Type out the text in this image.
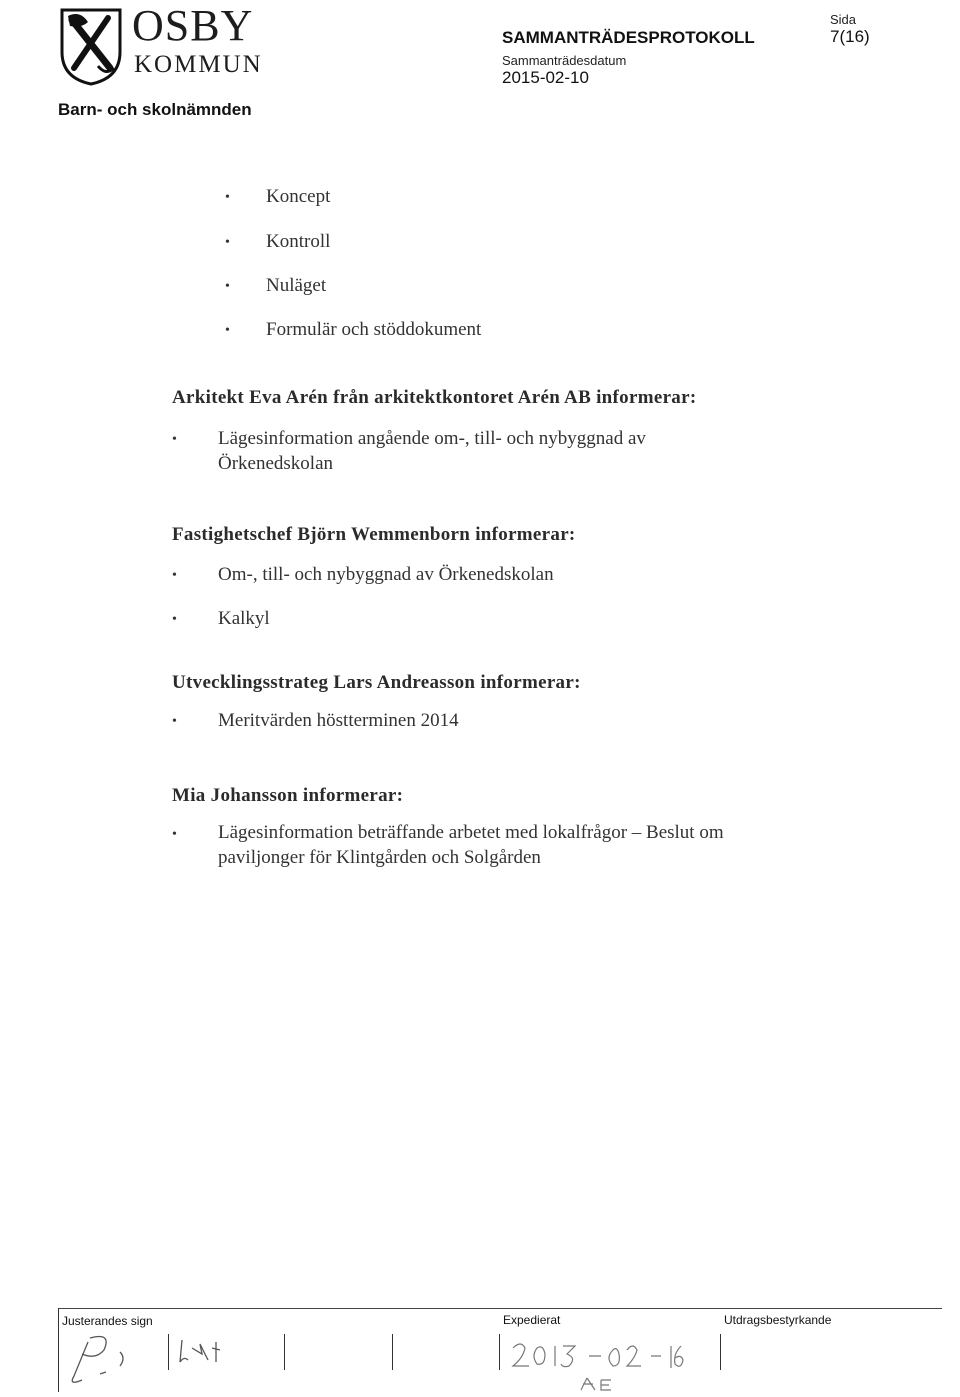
OSBY
KOMMUN
Barn- och skolnämnden
SAMMANTRÄDESPROTOKOLL
Sammanträdesdatum
2015-02-10
Sida
7(16)
• Koncept
• Kontroll
• Nuläget
• Formulär och stöddokument
Arkitekt Eva Arén från arkitektkontoret Arén AB informerar:
• Lägesinformation angående om-, till- och nybyggnad av
Örkenedskolan
Fastighetschef Björn Wemmenborn informerar:
• Om-, till- och nybyggnad av Örkenedskolan
• Kalkyl
Utvecklingsstrateg Lars Andreasson informerar:
• Meritvärden höstterminen 2014
Mia Johansson informerar:
• Lägesinformation beträffande arbetet med lokalfrågor – Beslut om
paviljonger för Klintgården och Solgården
Justerandes sign	Expedierat	Utdragsbestyrkande
